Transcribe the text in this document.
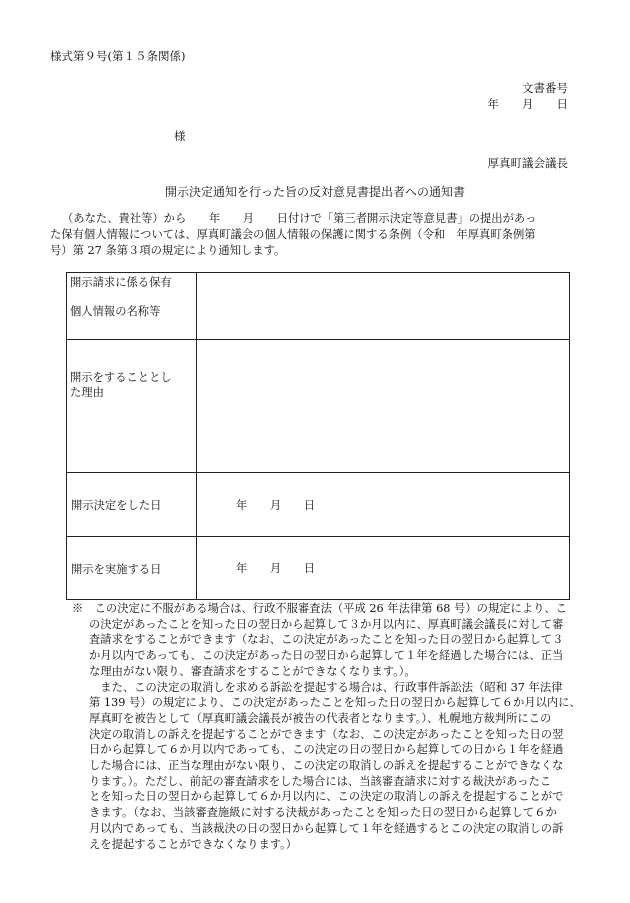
様式第９号(第１５条関係)
文書番号
年　　月　　日
様
厚真町議会議長
開示決定通知を行った旨の反対意見書提出者への通知書
（あなた、貴社等）から　　年　　月　　日付けで「第三者開示決定等意見書」の提出があっ
た保有個人情報については、厚真町議会の個人情報の保護に関する条例（令和　年厚真町条例第
号）第 27 条第３項の規定により通知します。
開示請求に係る保有
個人情報の名称等	

開示をすることとし
た理由	

開示決定をした日	年　　月　　日
開示を実施する日	年　　月　　日
※　 この決定に不服がある場合は、行政不服審査法（平成 26 年法律第 68 号）の規定により、こ
の決定があったことを知った日の翌日から起算して３か月以内に、厚真町議会議長に対して審
査請求をすることができます（なお、この決定があったことを知った日の翌日から起算して３
か月以内であっても、この決定があった日の翌日から起算して１年を経過した場合には、正当
な理由がない限り、審査請求をすることができなくなります。）。
　また、この決定の取消しを求める訴訟を提起する場合は、行政事件訴訟法（昭和 37 年法律
第 139 号）の規定により、この決定があったことを知った日の翌日から起算して６か月以内に、
厚真町を被告として（厚真町議会議長が被告の代表者となります。）、札幌地方裁判所にこの
決定の取消しの訴えを提起することができます（なお、この決定があったことを知った日の翌
日から起算して６か月以内であっても、この決定の日の翌日から起算しての日から１年を経過
した場合には、正当な理由がない限り、この決定の取消しの訴えを提起することができなくな
ります。）。ただし、前記の審査請求をした場合には、当該審査請求に対する裁決があったこ
とを知った日の翌日から起算して６か月以内に、この決定の取消しの訴えを提起することがで
きます。（なお、当該審査施級に対する決裁があったことを知った日の翌日から起算して６か
月以内であっても、当該裁決の日の翌日から起算して１年を経過するとこの決定の取消しの訴
えを提起することができなくなります。）
